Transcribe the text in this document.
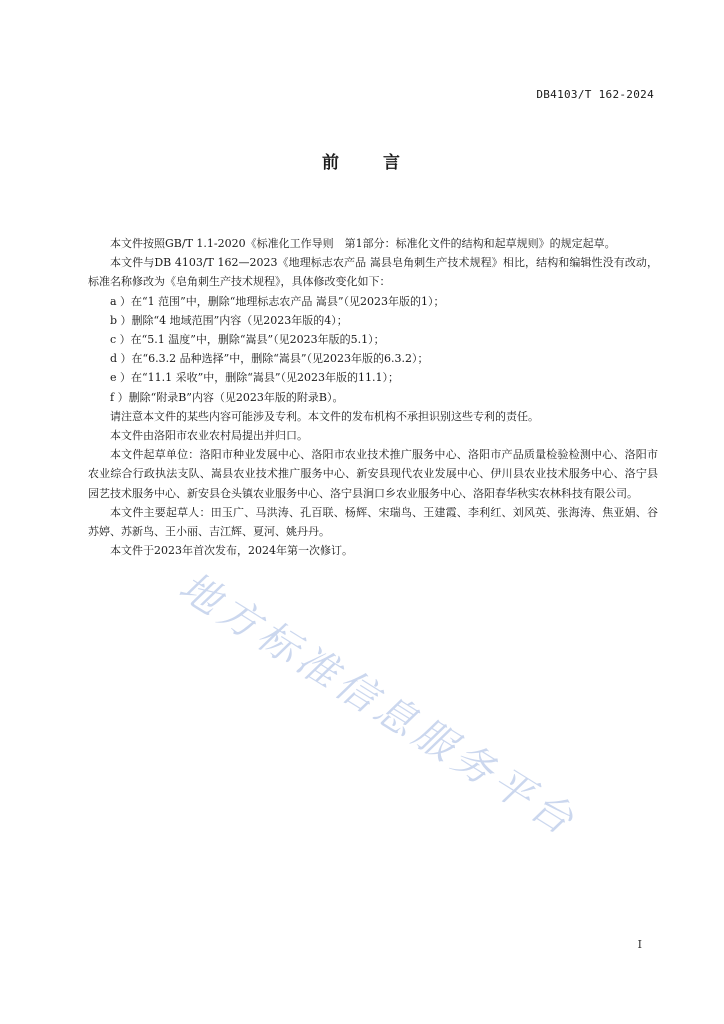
DB4103/T 162-2024
前 言

本文件按照GB/T 1.1-2020《标准化工作导则　第1部分：标准化文件的结构和起草规则》的规定起草。

本文件与DB 4103/T 162—2023《地理标志农产品 嵩县皂角刺生产技术规程》相比，结构和编辑性没有改动，标准名称修改为《皂角刺生产技术规程》，具体修改变化如下：

a ）在“1 范围”中，删除“地理标志农产品 嵩县”（见2023年版的1）；

b ）删除“4 地域范围”内容（见2023年版的4）；

c ）在“5.1 温度”中，删除“嵩县”（见2023年版的5.1）；

d ）在“6.3.2 品种选择”中，删除“嵩县”（见2023年版的6.3.2）；

e ）在“11.1 采收”中，删除“嵩县”（见2023年版的11.1）；

f ）删除“附录B”内容（见2023年版的附录B）。

请注意本文件的某些内容可能涉及专利。本文件的发布机构不承担识别这些专利的责任。

本文件由洛阳市农业农村局提出并归口。

本文件起草单位：洛阳市种业发展中心、洛阳市农业技术推广服务中心、洛阳市产品质量检验检测中心、洛阳市农业综合行政执法支队、嵩县农业技术推广服务中心、新安县现代农业发展中心、伊川县农业技术服务中心、洛宁县园艺技术服务中心、新安县仓头镇农业服务中心、洛宁县涧口乡农业服务中心、洛阳春华秋实农林科技有限公司。

本文件主要起草人：田玉广、马洪涛、孔百联、杨辉、宋瑞鸟、王建霞、李利红、刘风英、张海涛、焦亚娟、谷苏婷、苏新鸟、王小丽、吉江辉、夏河、姚丹丹。

本文件于2023年首次发布，2024年第一次修订。

地方标准信息服务平台
I
